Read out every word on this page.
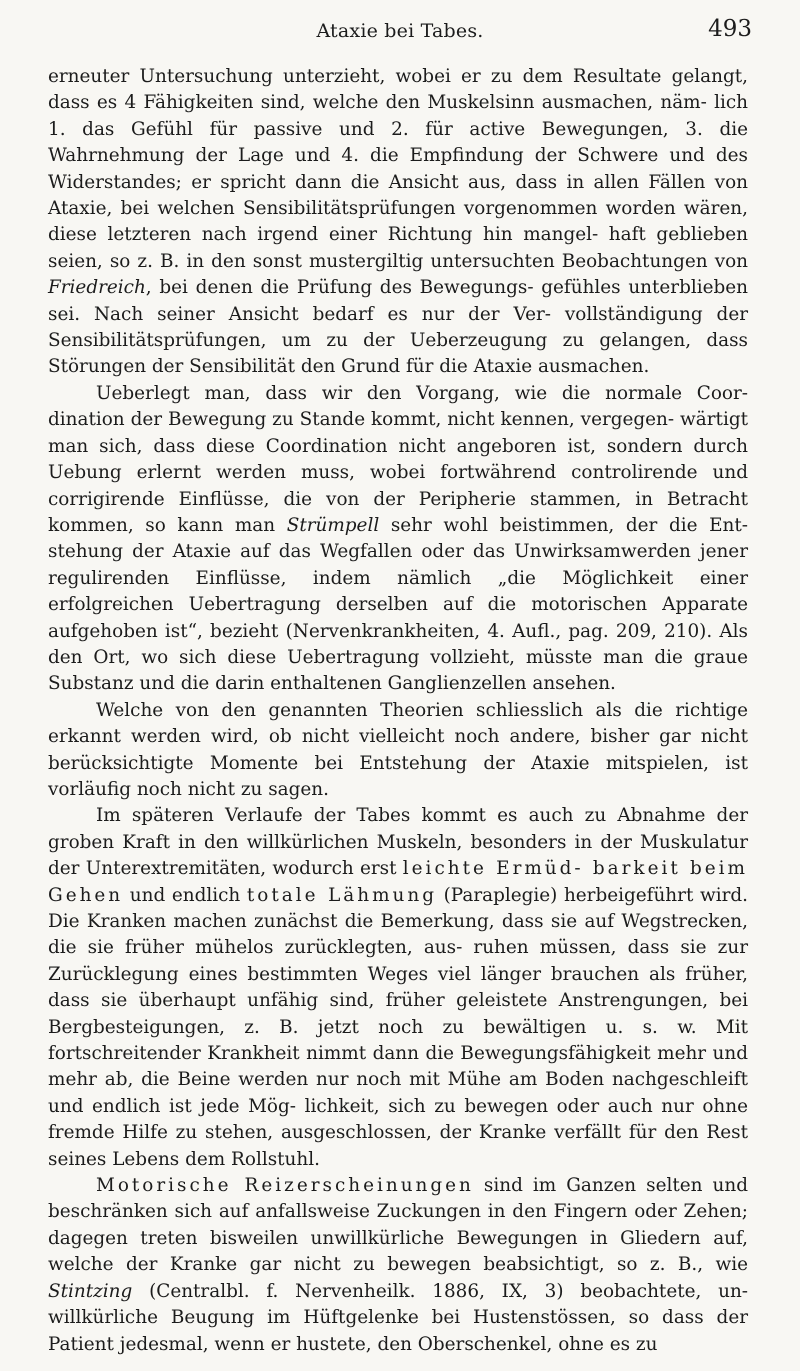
Ataxie bei Tabes.	493

erneuter Untersuchung unterzieht, wobei er zu dem Resultate gelangt, dass es 4 Fähigkeiten sind, welche den Muskelsinn ausmachen, näm- lich 1. das Gefühl für passive und 2. für active Bewegungen, 3. die Wahrnehmung der Lage und 4. die Empfindung der Schwere und des Widerstandes; er spricht dann die Ansicht aus, dass in allen Fällen von Ataxie, bei welchen Sensibilitätsprüfungen vorgenommen worden wären, diese letzteren nach irgend einer Richtung hin mangel- haft geblieben seien, so z. B. in den sonst mustergiltig untersuchten Beobachtungen von Friedreich, bei denen die Prüfung des Bewegungs- gefühles unterblieben sei. Nach seiner Ansicht bedarf es nur der Ver- vollständigung der Sensibilitätsprüfungen, um zu der Ueberzeugung zu gelangen, dass Störungen der Sensibilität den Grund für die Ataxie ausmachen.

Ueberlegt man, dass wir den Vorgang, wie die normale Coor- dination der Bewegung zu Stande kommt, nicht kennen, vergegen- wärtigt man sich, dass diese Coordination nicht angeboren ist, sondern durch Uebung erlernt werden muss, wobei fortwährend controlirende und corrigirende Einflüsse, die von der Peripherie stammen, in Betracht kommen, so kann man Strümpell sehr wohl beistimmen, der die Ent- stehung der Ataxie auf das Wegfallen oder das Unwirksamwerden jener regulirenden Einflüsse, indem nämlich „die Möglichkeit einer erfolgreichen Uebertragung derselben auf die motorischen Apparate aufgehoben ist“, bezieht (Nervenkrankheiten, 4. Aufl., pag. 209, 210). Als den Ort, wo sich diese Uebertragung vollzieht, müsste man die graue Substanz und die darin enthaltenen Ganglienzellen ansehen.

Welche von den genannten Theorien schliesslich als die richtige erkannt werden wird, ob nicht vielleicht noch andere, bisher gar nicht berücksichtigte Momente bei Entstehung der Ataxie mitspielen, ist vorläufig noch nicht zu sagen.

Im späteren Verlaufe der Tabes kommt es auch zu Abnahme der groben Kraft in den willkürlichen Muskeln, besonders in der Muskulatur der Unterextremitäten, wodurch erst leichte Ermüd- barkeit beim Gehen und endlich totale Lähmung (Paraplegie) herbeigeführt wird. Die Kranken machen zunächst die Bemerkung, dass sie auf Wegstrecken, die sie früher mühelos zurücklegten, aus- ruhen müssen, dass sie zur Zurücklegung eines bestimmten Weges viel länger brauchen als früher, dass sie überhaupt unfähig sind, früher geleistete Anstrengungen, bei Bergbesteigungen, z. B. jetzt noch zu bewältigen u. s. w. Mit fortschreitender Krankheit nimmt dann die Bewegungsfähigkeit mehr und mehr ab, die Beine werden nur noch mit Mühe am Boden nachgeschleift und endlich ist jede Mög- lichkeit, sich zu bewegen oder auch nur ohne fremde Hilfe zu stehen, ausgeschlossen, der Kranke verfällt für den Rest seines Lebens dem Rollstuhl.

Motorische Reizerscheinungen sind im Ganzen selten und beschränken sich auf anfallsweise Zuckungen in den Fingern oder Zehen; dagegen treten bisweilen unwillkürliche Bewegungen in Gliedern auf, welche der Kranke gar nicht zu bewegen beabsichtigt, so z. B., wie Stintzing (Centralbl. f. Nervenheilk. 1886, IX, 3) beobachtete, un- willkürliche Beugung im Hüftgelenke bei Hustenstössen, so dass der Patient jedesmal, wenn er hustete, den Oberschenkel, ohne es zu
